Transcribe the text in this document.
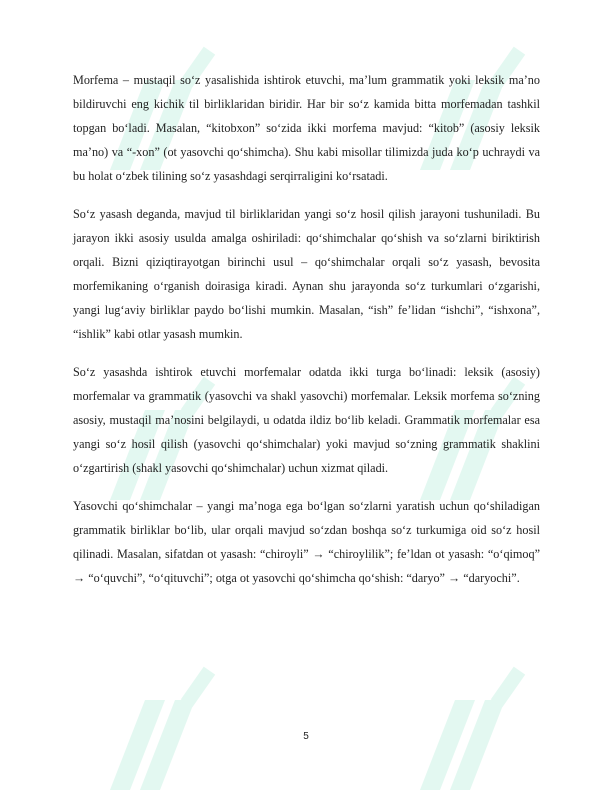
Morfema – mustaqil so‘z yasalishida ishtirok etuvchi, ma’lum grammatik yoki leksik ma’no bildiruvchi eng kichik til birliklaridan biridir. Har bir so‘z kamida bitta morfemadan tashkil topgan bo‘ladi. Masalan, “kitobxon” so‘zida ikki morfema mavjud: “kitob” (asosiy leksik ma’no) va “-xon” (ot yasovchi qo‘shimcha). Shu kabi misollar tilimizda juda ko‘p uchraydi va bu holat o‘zbek tilining so‘z yasashdagi serqirraligini ko‘rsatadi.

So‘z yasash deganda, mavjud til birliklaridan yangi so‘z hosil qilish jarayoni tushuniladi. Bu jarayon ikki asosiy usulda amalga oshiriladi: qo‘shimchalar qo‘shish va so‘zlarni biriktirish orqali. Bizni qiziqtirayotgan birinchi usul – qo‘shimchalar orqali so‘z yasash, bevosita morfemikaning o‘rganish doirasiga kiradi. Aynan shu jarayonda so‘z turkumlari o‘zgarishi, yangi lug‘aviy birliklar paydo bo‘lishi mumkin. Masalan, “ish” fe’lidan “ishchi”, “ishxona”, “ishlik” kabi otlar yasash mumkin.

So‘z yasashda ishtirok etuvchi morfemalar odatda ikki turga bo‘linadi: leksik (asosiy) morfemalar va grammatik (yasovchi va shakl yasovchi) morfemalar. Leksik morfema so‘zning asosiy, mustaqil ma’nosini belgilaydi, u odatda ildiz bo‘lib keladi. Grammatik morfemalar esa yangi so‘z hosil qilish (yasovchi qo‘shimchalar) yoki mavjud so‘zning grammatik shaklini o‘zgartirish (shakl yasovchi qo‘shimchalar) uchun xizmat qiladi.

Yasovchi qo‘shimchalar – yangi ma’noga ega bo‘lgan so‘zlarni yaratish uchun qo‘shiladigan grammatik birliklar bo‘lib, ular orqali mavjud so‘zdan boshqa so‘z turkumiga oid so‘z hosil qilinadi. Masalan, sifatdan ot yasash: “chiroyli” → “chiroylilik”; fe’ldan ot yasash: “o‘qimoq” → “o‘quvchi”, “o‘qituvchi”; otga ot yasovchi qo‘shimcha qo‘shish: “daryo” → “daryochi”.

5
